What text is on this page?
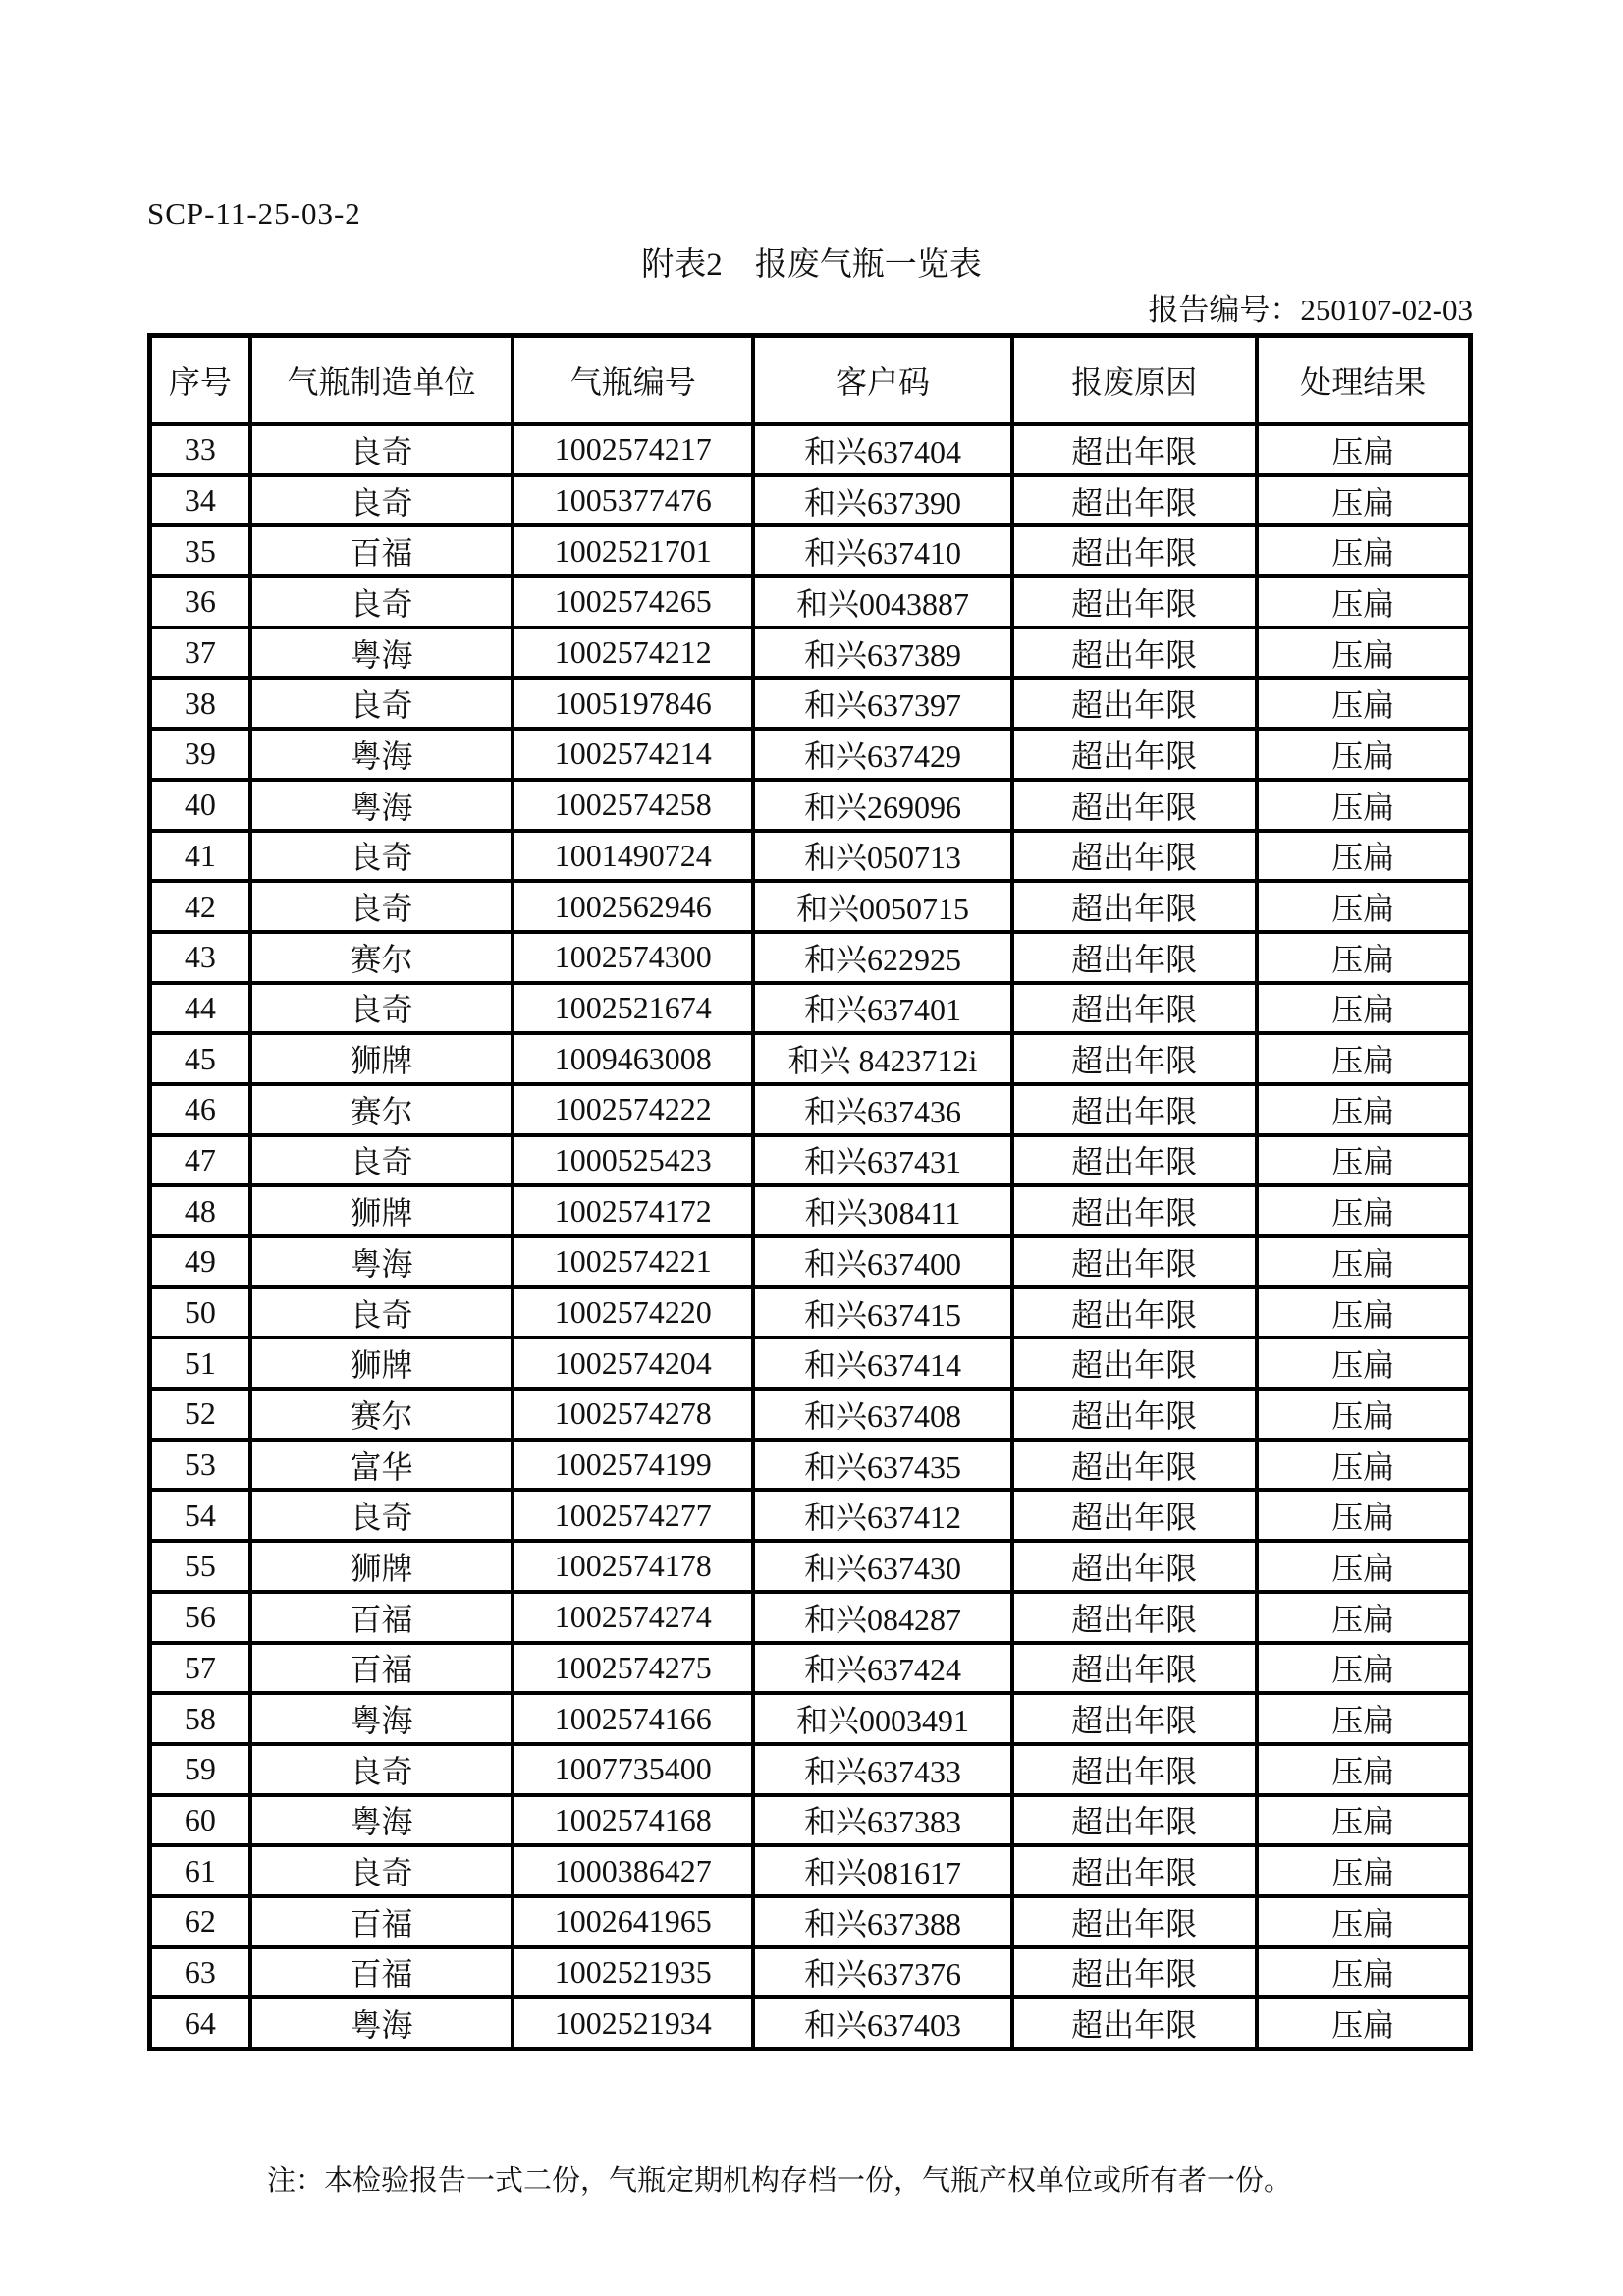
SCP-11-25-03-2
附表2　报废气瓶一览表
报告编号：250107-02-03
序号	气瓶制造单位	气瓶编号	客户码	报废原因	处理结果
33	良奇	1002574217	和兴637404	超出年限	压扁
34	良奇	1005377476	和兴637390	超出年限	压扁
35	百福	1002521701	和兴637410	超出年限	压扁
36	良奇	1002574265	和兴0043887	超出年限	压扁
37	粤海	1002574212	和兴637389	超出年限	压扁
38	良奇	1005197846	和兴637397	超出年限	压扁
39	粤海	1002574214	和兴637429	超出年限	压扁
40	粤海	1002574258	和兴269096	超出年限	压扁
41	良奇	1001490724	和兴050713	超出年限	压扁
42	良奇	1002562946	和兴0050715	超出年限	压扁
43	赛尔	1002574300	和兴622925	超出年限	压扁
44	良奇	1002521674	和兴637401	超出年限	压扁
45	狮牌	1009463008	和兴 8423712i	超出年限	压扁
46	赛尔	1002574222	和兴637436	超出年限	压扁
47	良奇	1000525423	和兴637431	超出年限	压扁
48	狮牌	1002574172	和兴308411	超出年限	压扁
49	粤海	1002574221	和兴637400	超出年限	压扁
50	良奇	1002574220	和兴637415	超出年限	压扁
51	狮牌	1002574204	和兴637414	超出年限	压扁
52	赛尔	1002574278	和兴637408	超出年限	压扁
53	富华	1002574199	和兴637435	超出年限	压扁
54	良奇	1002574277	和兴637412	超出年限	压扁
55	狮牌	1002574178	和兴637430	超出年限	压扁
56	百福	1002574274	和兴084287	超出年限	压扁
57	百福	1002574275	和兴637424	超出年限	压扁
58	粤海	1002574166	和兴0003491	超出年限	压扁
59	良奇	1007735400	和兴637433	超出年限	压扁
60	粤海	1002574168	和兴637383	超出年限	压扁
61	良奇	1000386427	和兴081617	超出年限	压扁
62	百福	1002641965	和兴637388	超出年限	压扁
63	百福	1002521935	和兴637376	超出年限	压扁
64	粤海	1002521934	和兴637403	超出年限	压扁
注：本检验报告一式二份，气瓶定期机构存档一份，气瓶产权单位或所有者一份。
